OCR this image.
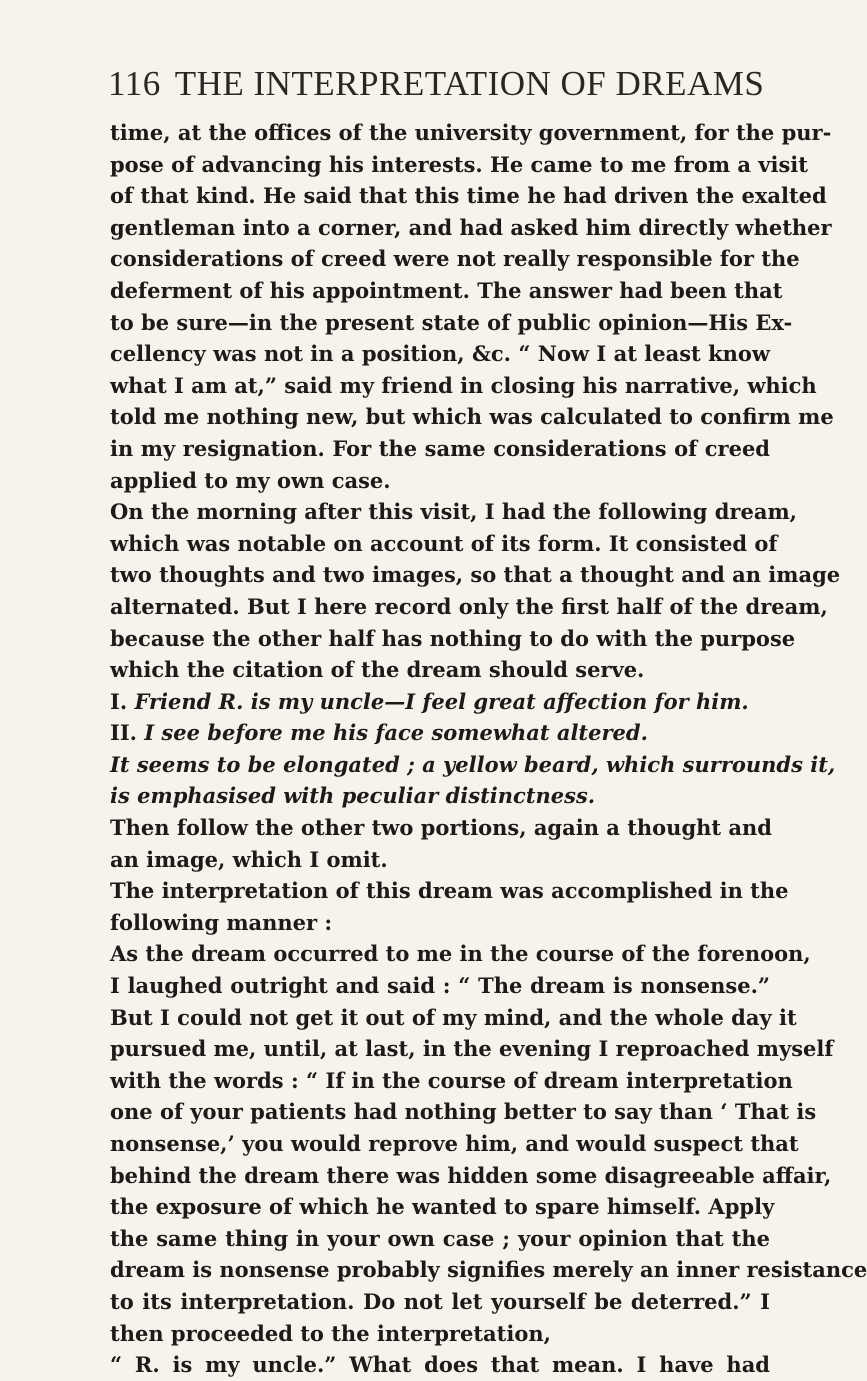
116 THE INTERPRETATION OF DREAMS
time, at the offices of the university government, for the pur-
pose of advancing his interests. He came to me from a visit
of that kind. He said that this time he had driven the exalted
gentleman into a corner, and had asked him directly whether
considerations of creed were not really responsible for the
deferment of his appointment. The answer had been that
to be sure—in the present state of public opinion—His Ex-
cellency was not in a position, &c. “ Now I at least know
what I am at,” said my friend in closing his narrative, which
told me nothing new, but which was calculated to confirm me
in my resignation. For the same considerations of creed
applied to my own case.
On the morning after this visit, I had the following dream,
which was notable on account of its form. It consisted of
two thoughts and two images, so that a thought and an image
alternated. But I here record only the first half of the dream,
because the other half has nothing to do with the purpose
which the citation of the dream should serve.
I. Friend R. is my uncle—I feel great affection for him.
II. I see before me his face somewhat altered.
It seems to be elongated ; a yellow beard, which surrounds it,
is emphasised with peculiar distinctness.
Then follow the other two portions, again a thought and
an image, which I omit.
The interpretation of this dream was accomplished in the
following manner :
As the dream occurred to me in the course of the forenoon,
I laughed outright and said : “ The dream is nonsense.”
But I could not get it out of my mind, and the whole day it
pursued me, until, at last, in the evening I reproached myself
with the words : “ If in the course of dream interpretation
one of your patients had nothing better to say than ‘ That is
nonsense,’ you would reprove him, and would suspect that
behind the dream there was hidden some disagreeable affair,
the exposure of which he wanted to spare himself. Apply
the same thing in your own case ; your opinion that the
dream is nonsense probably signifies merely an inner resistance
to its interpretation. Do not let yourself be deterred.” I
then proceeded to the interpretation,
“ R. is my uncle.” What does that mean. I have had
